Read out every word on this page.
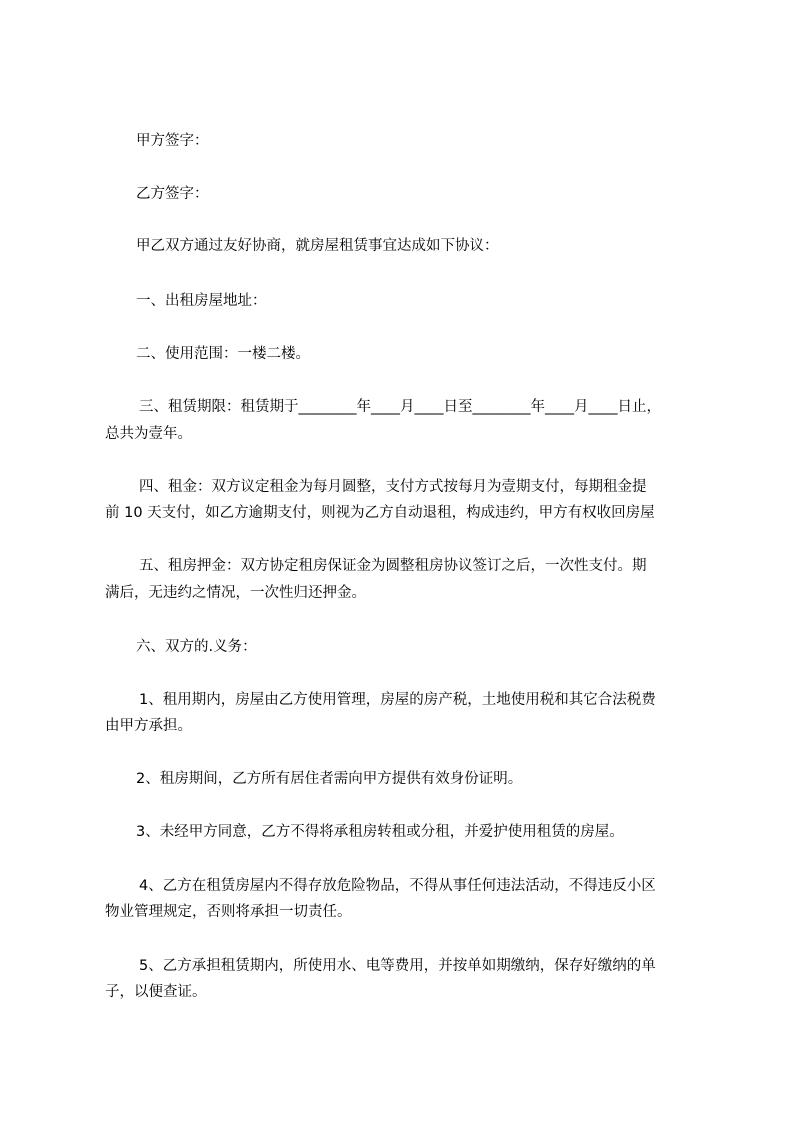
甲方签字：

乙方签字：

甲乙双方通过友好协商，就房屋租赁事宜达成如下协议：

一、出租房屋地址：

二、使用范围：一楼二楼。

三、租赁期限：租赁期于________年____月____日至________年____月____日止，

总共为壹年。

四、租金：双方议定租金为每月圆整，支付方式按每月为壹期支付，每期租金提

前 10 天支付，如乙方逾期支付，则视为乙方自动退租，构成违约，甲方有权收回房屋

五、租房押金：双方协定租房保证金为圆整租房协议签订之后，一次性支付。期

满后，无违约之情况，一次性归还押金。

六、双方的.义务：

1、租用期内，房屋由乙方使用管理，房屋的房产税，土地使用税和其它合法税费

由甲方承担。

2、租房期间，乙方所有居住者需向甲方提供有效身份证明。

3、未经甲方同意，乙方不得将承租房转租或分租，并爱护使用租赁的房屋。

4、乙方在租赁房屋内不得存放危险物品，不得从事任何违法活动，不得违反小区

物业管理规定，否则将承担一切责任。

5、乙方承担租赁期内，所使用水、电等费用，并按单如期缴纳，保存好缴纳的单

子，以便查证。
